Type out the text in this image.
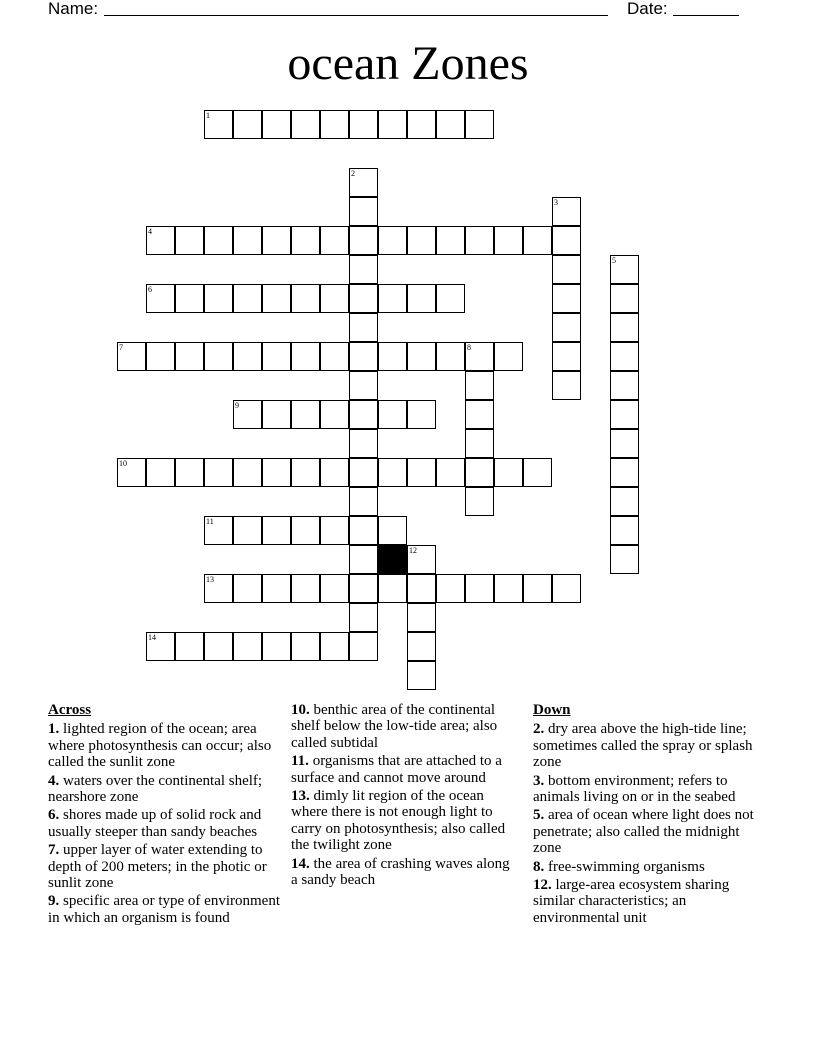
Name:	Date:
ocean Zones
1
2
3
4
5
6
7	8
9
10
11
12
13
14
Across
1. lighted region of the ocean; area where photosynthesis can occur; also called the sunlit zone
4. waters over the continental shelf; nearshore zone
6. shores made up of solid rock and usually steeper than sandy beaches
7. upper layer of water extending to depth of 200 meters; in the photic or sunlit zone
9. specific area or type of environment in which an organism is found
10. benthic area of the continental shelf below the low-tide area; also called subtidal
11. organisms that are attached to a surface and cannot move around
13. dimly lit region of the ocean where there is not enough light to carry on photosynthesis; also called the twilight zone
14. the area of crashing waves along a sandy beach
Down
2. dry area above the high-tide line; sometimes called the spray or splash zone
3. bottom environment; refers to animals living on or in the seabed
5. area of ocean where light does not penetrate; also called the midnight zone
8. free-swimming organisms
12. large-area ecosystem sharing similar characteristics; an environmental unit
